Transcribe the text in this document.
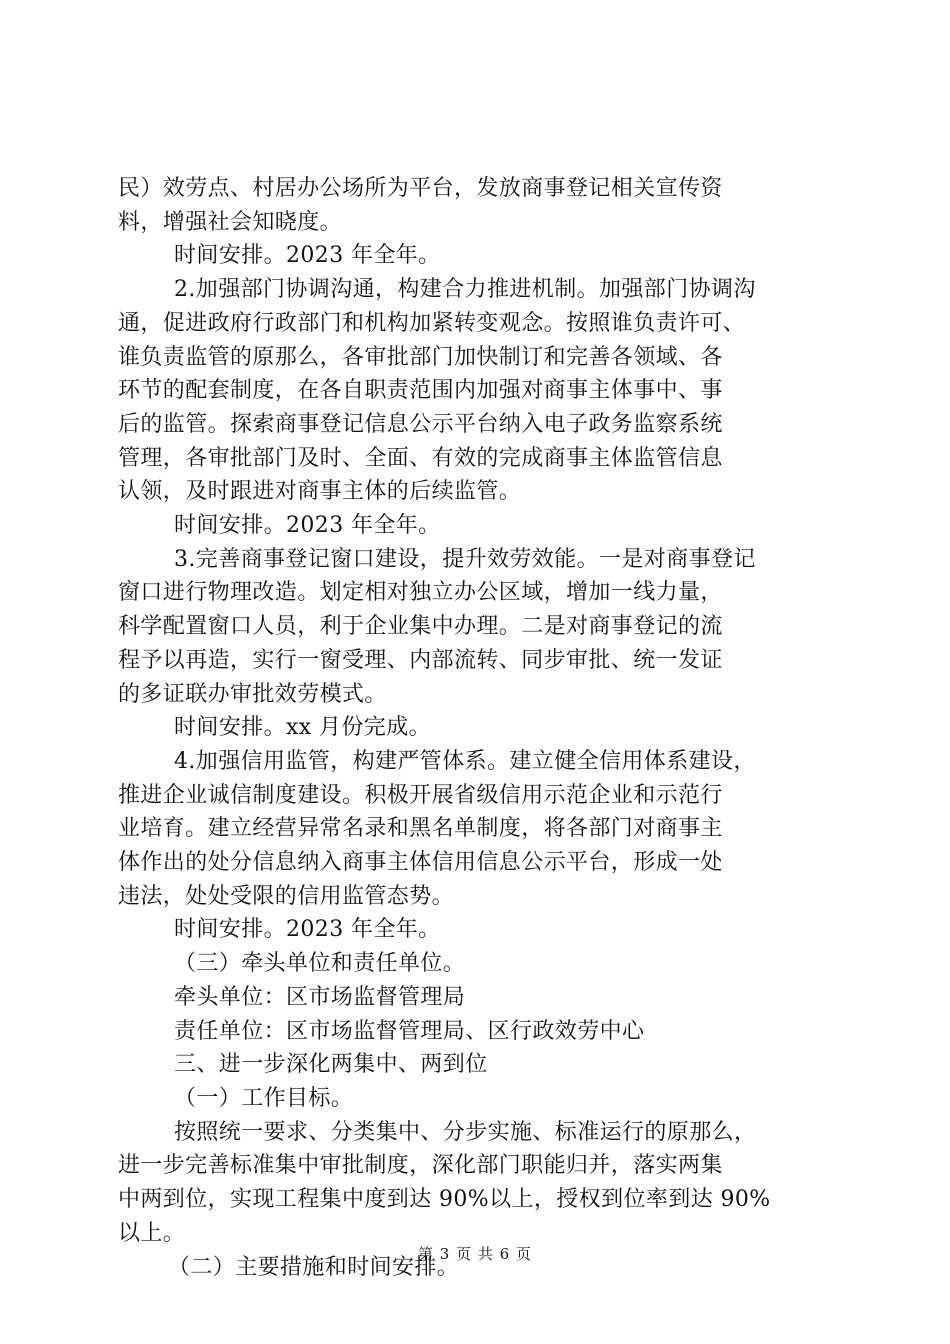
民）效劳点、村居办公场所为平台，发放商事登记相关宣传资
料，增强社会知晓度。
时间安排。2023 年全年。
2.加强部门协调沟通，构建合力推进机制。加强部门协调沟
通，促进政府行政部门和机构加紧转变观念。按照谁负责许可、
谁负责监管的原那么，各审批部门加快制订和完善各领域、各
环节的配套制度，在各自职责范围内加强对商事主体事中、事
后的监管。探索商事登记信息公示平台纳入电子政务监察系统
管理，各审批部门及时、全面、有效的完成商事主体监管信息
认领，及时跟进对商事主体的后续监管。
时间安排。2023 年全年。
3.完善商事登记窗口建设，提升效劳效能。一是对商事登记
窗口进行物理改造。划定相对独立办公区域，增加一线力量，
科学配置窗口人员，利于企业集中办理。二是对商事登记的流
程予以再造，实行一窗受理、内部流转、同步审批、统一发证
的多证联办审批效劳模式。
时间安排。xx 月份完成。
4.加强信用监管，构建严管体系。建立健全信用体系建设，
推进企业诚信制度建设。积极开展省级信用示范企业和示范行
业培育。建立经营异常名录和黑名单制度，将各部门对商事主
体作出的处分信息纳入商事主体信用信息公示平台，形成一处
违法，处处受限的信用监管态势。
时间安排。2023 年全年。
（三）牵头单位和责任单位。
牵头单位：区市场监督管理局
责任单位：区市场监督管理局、区行政效劳中心
三、进一步深化两集中、两到位
（一）工作目标。
按照统一要求、分类集中、分步实施、标准运行的原那么，
进一步完善标准集中审批制度，深化部门职能归并，落实两集
中两到位，实现工程集中度到达 90%以上，授权到位率到达 90%
以上。
（二）主要措施和时间安排。
第 3 页 共 6 页
